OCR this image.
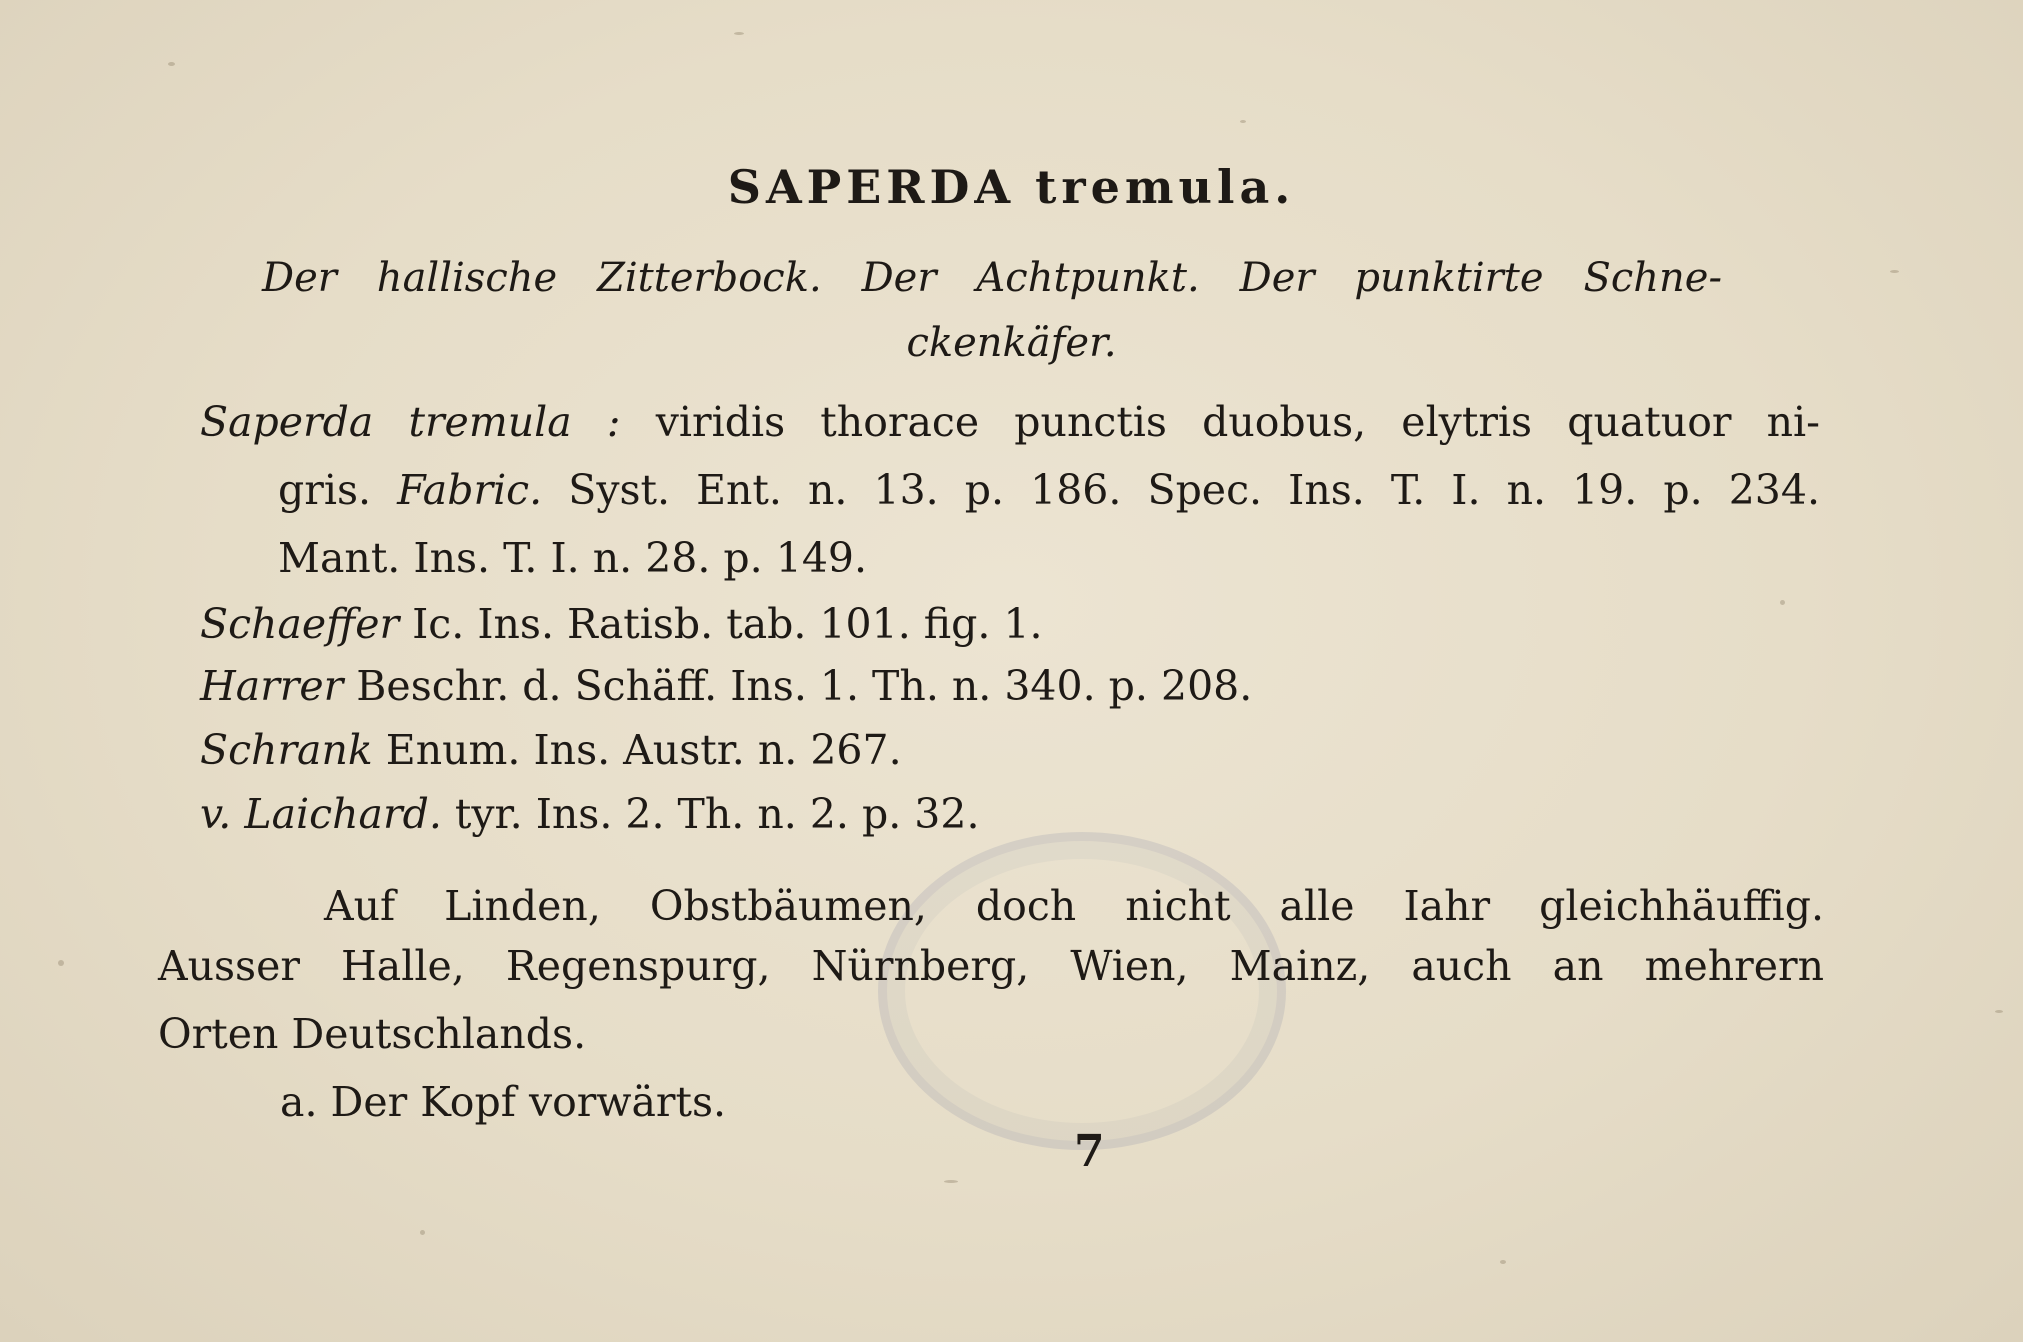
SAPERDA tremula.
Der hallische Zitterbock. Der Achtpunkt. Der punktirte Schne-
ckenkäfer.
Saperda tremula : viridis thorace punctis duobus, elytris quatuor ni-
gris. Fabric. Syst. Ent. n. 13. p. 186. Spec. Ins. T. I. n. 19. p. 234.
Mant. Ins. T. I. n. 28. p. 149.
Schaeffer Ic. Ins. Ratisb. tab. 101. fig. 1.
Harrer Beschr. d. Schäff. Ins. 1. Th. n. 340. p. 208.
Schrank Enum. Ins. Austr. n. 267.
v. Laichard. tyr. Ins. 2. Th. n. 2. p. 32.
Auf Linden, Obstbäumen, doch nicht alle Iahr gleichhäuffig.
Ausser Halle, Regenspurg, Nürnberg, Wien, Mainz, auch an mehrern
Orten Deutschlands.
a. Der Kopf vorwärts.
7
